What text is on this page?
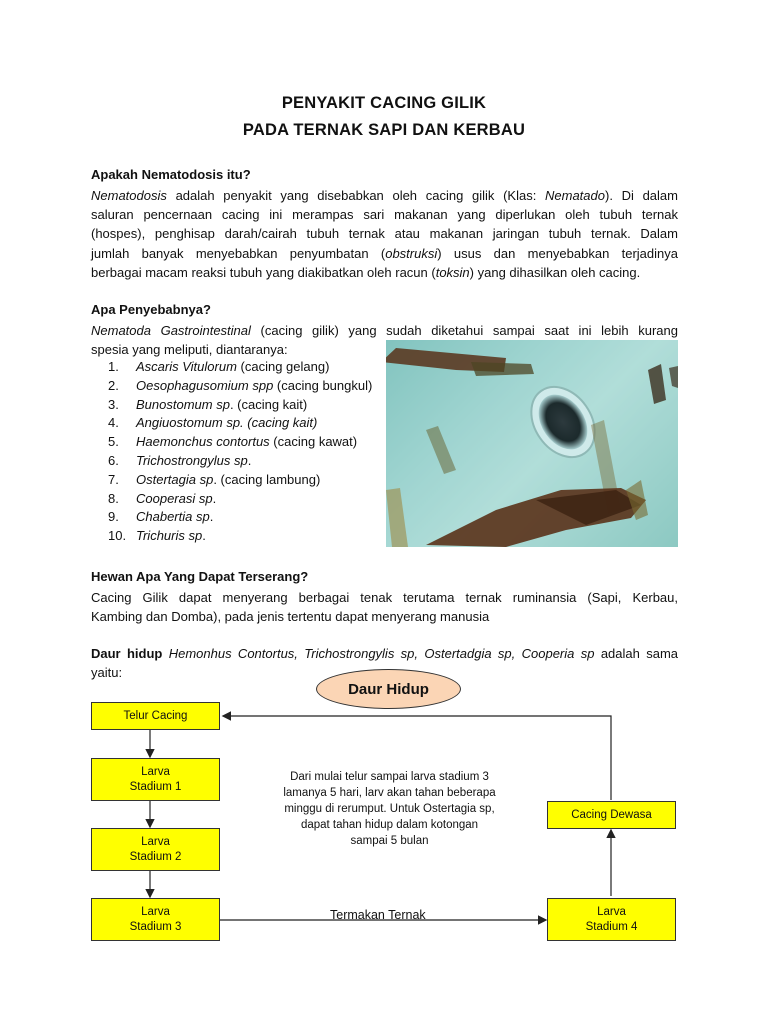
PENYAKIT CACING GILIK
PADA TERNAK SAPI DAN KERBAU
Apakah Nematodosis itu?
Nematodosis adalah penyakit yang disebabkan oleh cacing gilik (Klas: Nematado). Di dalam
saluran pencernaan cacing ini merampas sari makanan yang diperlukan oleh tubuh ternak
(hospes), penghisap darah/cairah tubuh ternak atau makanan jaringan tubuh ternak. Dalam
jumlah banyak menyebabkan penyumbatan (obstruksi) usus dan menyebabkan terjadinya
berbagai macam reaksi tubuh yang diakibatkan oleh racun (toksin) yang dihasilkan oleh cacing.
Apa Penyebabnya?
Nematoda Gastrointestinal (cacing gilik) yang sudah diketahui sampai saat ini lebih kurang
spesia yang meliputi, diantaranya:
1. Ascaris Vitulorum (cacing gelang)
2. Oesophagusomium spp (cacing bungkul)
3. Bunostomum sp. (cacing kait)
4. Angiuostomum sp. (cacing kait)
5. Haemonchus contortus (cacing kawat)
6. Trichostrongylus sp.
7. Ostertagia sp. (cacing lambung)
8. Cooperasi sp.
9. Chabertia sp.
10. Trichuris sp.
Hewan Apa Yang Dapat Terserang?
Cacing Gilik dapat menyerang berbagai tenak terutama ternak ruminansia (Sapi, Kerbau,
Kambing dan Domba), pada jenis tertentu dapat menyerang manusia
Daur hidup Hemonhus Contortus, Trichostrongylis sp, Ostertadgia sp, Cooperia sp adalah sama
yaitu:
Daur Hidup
Telur Cacing
Larva
Stadium 1
Larva
Stadium 2
Larva
Stadium 3
Larva
Stadium 4
Cacing Dewasa
Dari mulai telur sampai larva stadium 3
lamanya 5 hari, larv akan tahan beberapa
minggu di rerumput. Untuk Ostertagia sp,
dapat tahan hidup dalam kotongan
sampai 5 bulan
Termakan Ternak
